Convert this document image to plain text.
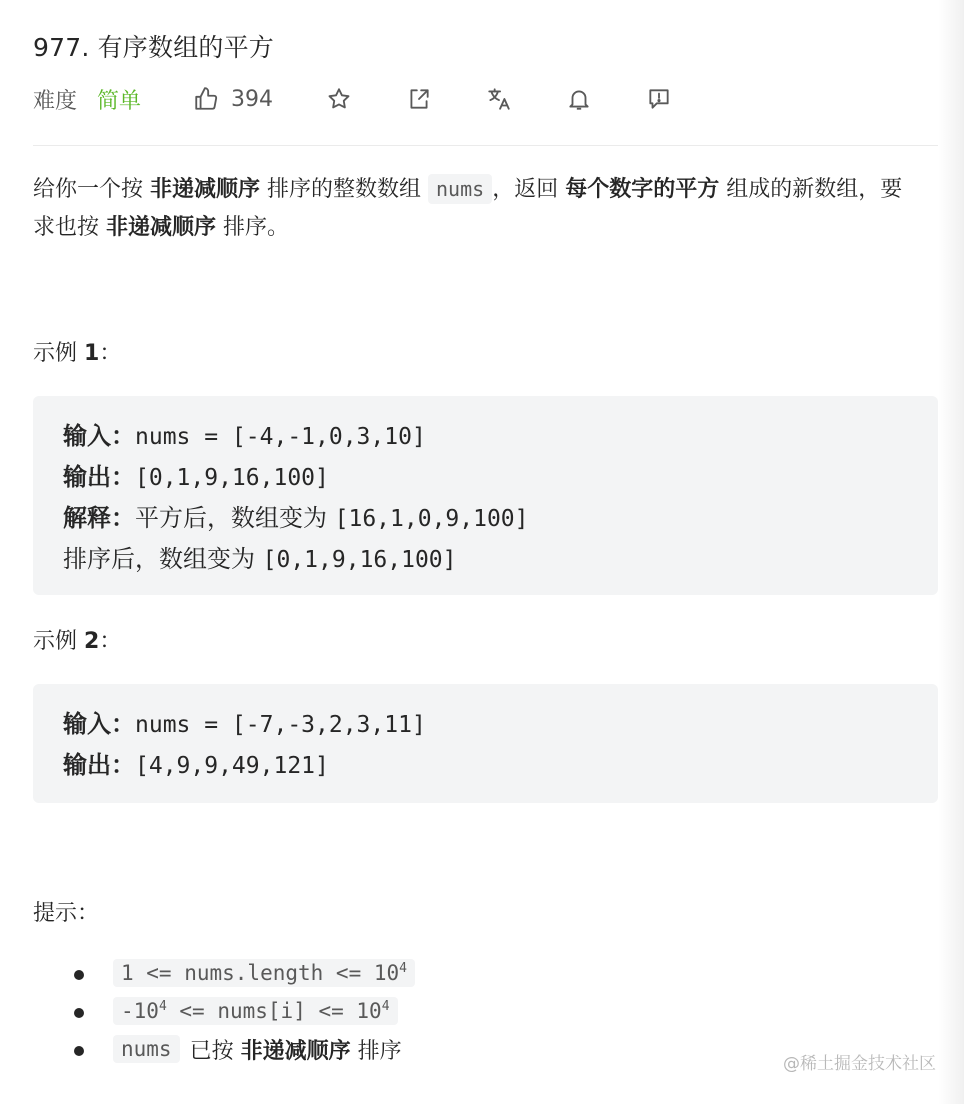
977. 有序数组的平方
难度 简单	394
给你一个按 非递减顺序 排序的整数数组 nums ，返回 每个数字的平方 组成的新数组，要求也按 非递减顺序 排序。
示例 1：
输入：nums = [-4,-1,0,3,10]
输出：[0,1,9,16,100]
解释：平方后，数组变为 [16,1,0,9,100]
排序后，数组变为 [0,1,9,16,100]
示例 2：
输入：nums = [-7,-3,2,3,11]
输出：[4,9,9,49,121]
提示：
1 <= nums.length <= $10^4$
$-10^4$ <= nums[i] <= $10^4$
nums 已按 非递减顺序 排序
@稀土掘金技术社区
